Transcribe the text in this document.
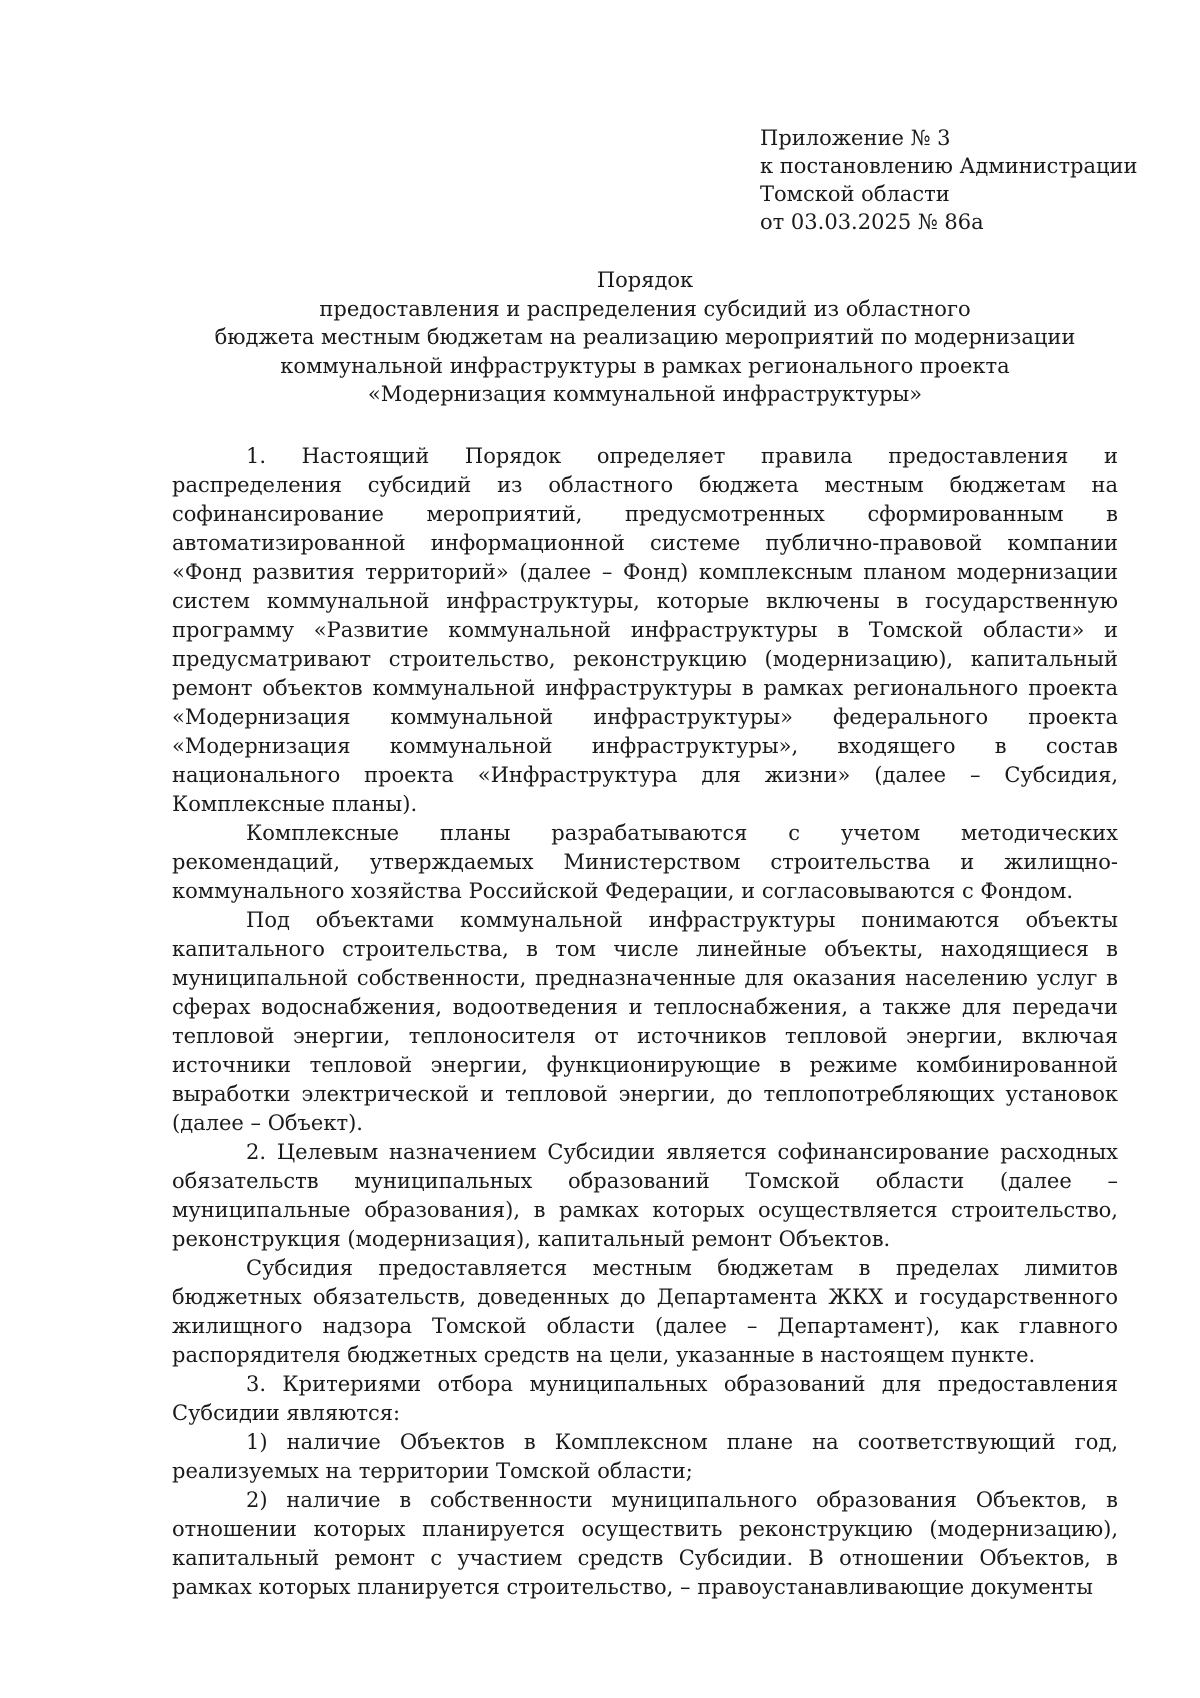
Приложение № 3
к постановлению Администрации
Томской области
от 03.03.2025 № 86а
Порядок
предоставления и распределения субсидий из областного
бюджета местным бюджетам на реализацию мероприятий по модернизации
коммунальной инфраструктуры в рамках регионального проекта
«Модернизация коммунальной инфраструктуры»

1. Настоящий Порядок определяет правила предоставления и распределения субсидий из областного бюджета местным бюджетам на софинансирование мероприятий, предусмотренных сформированным в автоматизированной информационной системе публично-правовой компании «Фонд развития территорий» (далее – Фонд) комплексным планом модернизации систем коммунальной инфраструктуры, которые включены в государственную программу «Развитие коммунальной инфраструктуры в Томской области» и предусматривают строительство, реконструкцию (модернизацию), капитальный ремонт объектов коммунальной инфраструктуры в рамках регионального проекта «Модернизация коммунальной инфраструктуры» федерального проекта «Модернизация коммунальной инфраструктуры», входящего в состав национального проекта «Инфраструктура для жизни» (далее – Субсидия, Комплексные планы).

Комплексные планы разрабатываются с учетом методических рекомендаций, утверждаемых Министерством строительства и жилищно-коммунального хозяйства Российской Федерации, и согласовываются с Фондом.

Под объектами коммунальной инфраструктуры понимаются объекты капитального строительства, в том числе линейные объекты, находящиеся в муниципальной собственности, предназначенные для оказания населению услуг в сферах водоснабжения, водоотведения и теплоснабжения, а также для передачи тепловой энергии, теплоносителя от источников тепловой энергии, включая источники тепловой энергии, функционирующие в режиме комбинированной выработки электрической и тепловой энергии, до теплопотребляющих установок (далее – Объект).

2. Целевым назначением Субсидии является софинансирование расходных обязательств муниципальных образований Томской области (далее – муниципальные образования), в рамках которых осуществляется строительство, реконструкция (модернизация), капитальный ремонт Объектов.

Субсидия предоставляется местным бюджетам в пределах лимитов бюджетных обязательств, доведенных до Департамента ЖКХ и государственного жилищного надзора Томской области (далее – Департамент), как главного распорядителя бюджетных средств на цели, указанные в настоящем пункте.

3. Критериями отбора муниципальных образований для предоставления Субсидии являются:

1) наличие Объектов в Комплексном плане на соответствующий год, реализуемых на территории Томской области;

2) наличие в собственности муниципального образования Объектов, в отношении которых планируется осуществить реконструкцию (модернизацию), капитальный ремонт с участием средств Субсидии. В отношении Объектов, в рамках которых планируется строительство, – правоустанавливающие документы
